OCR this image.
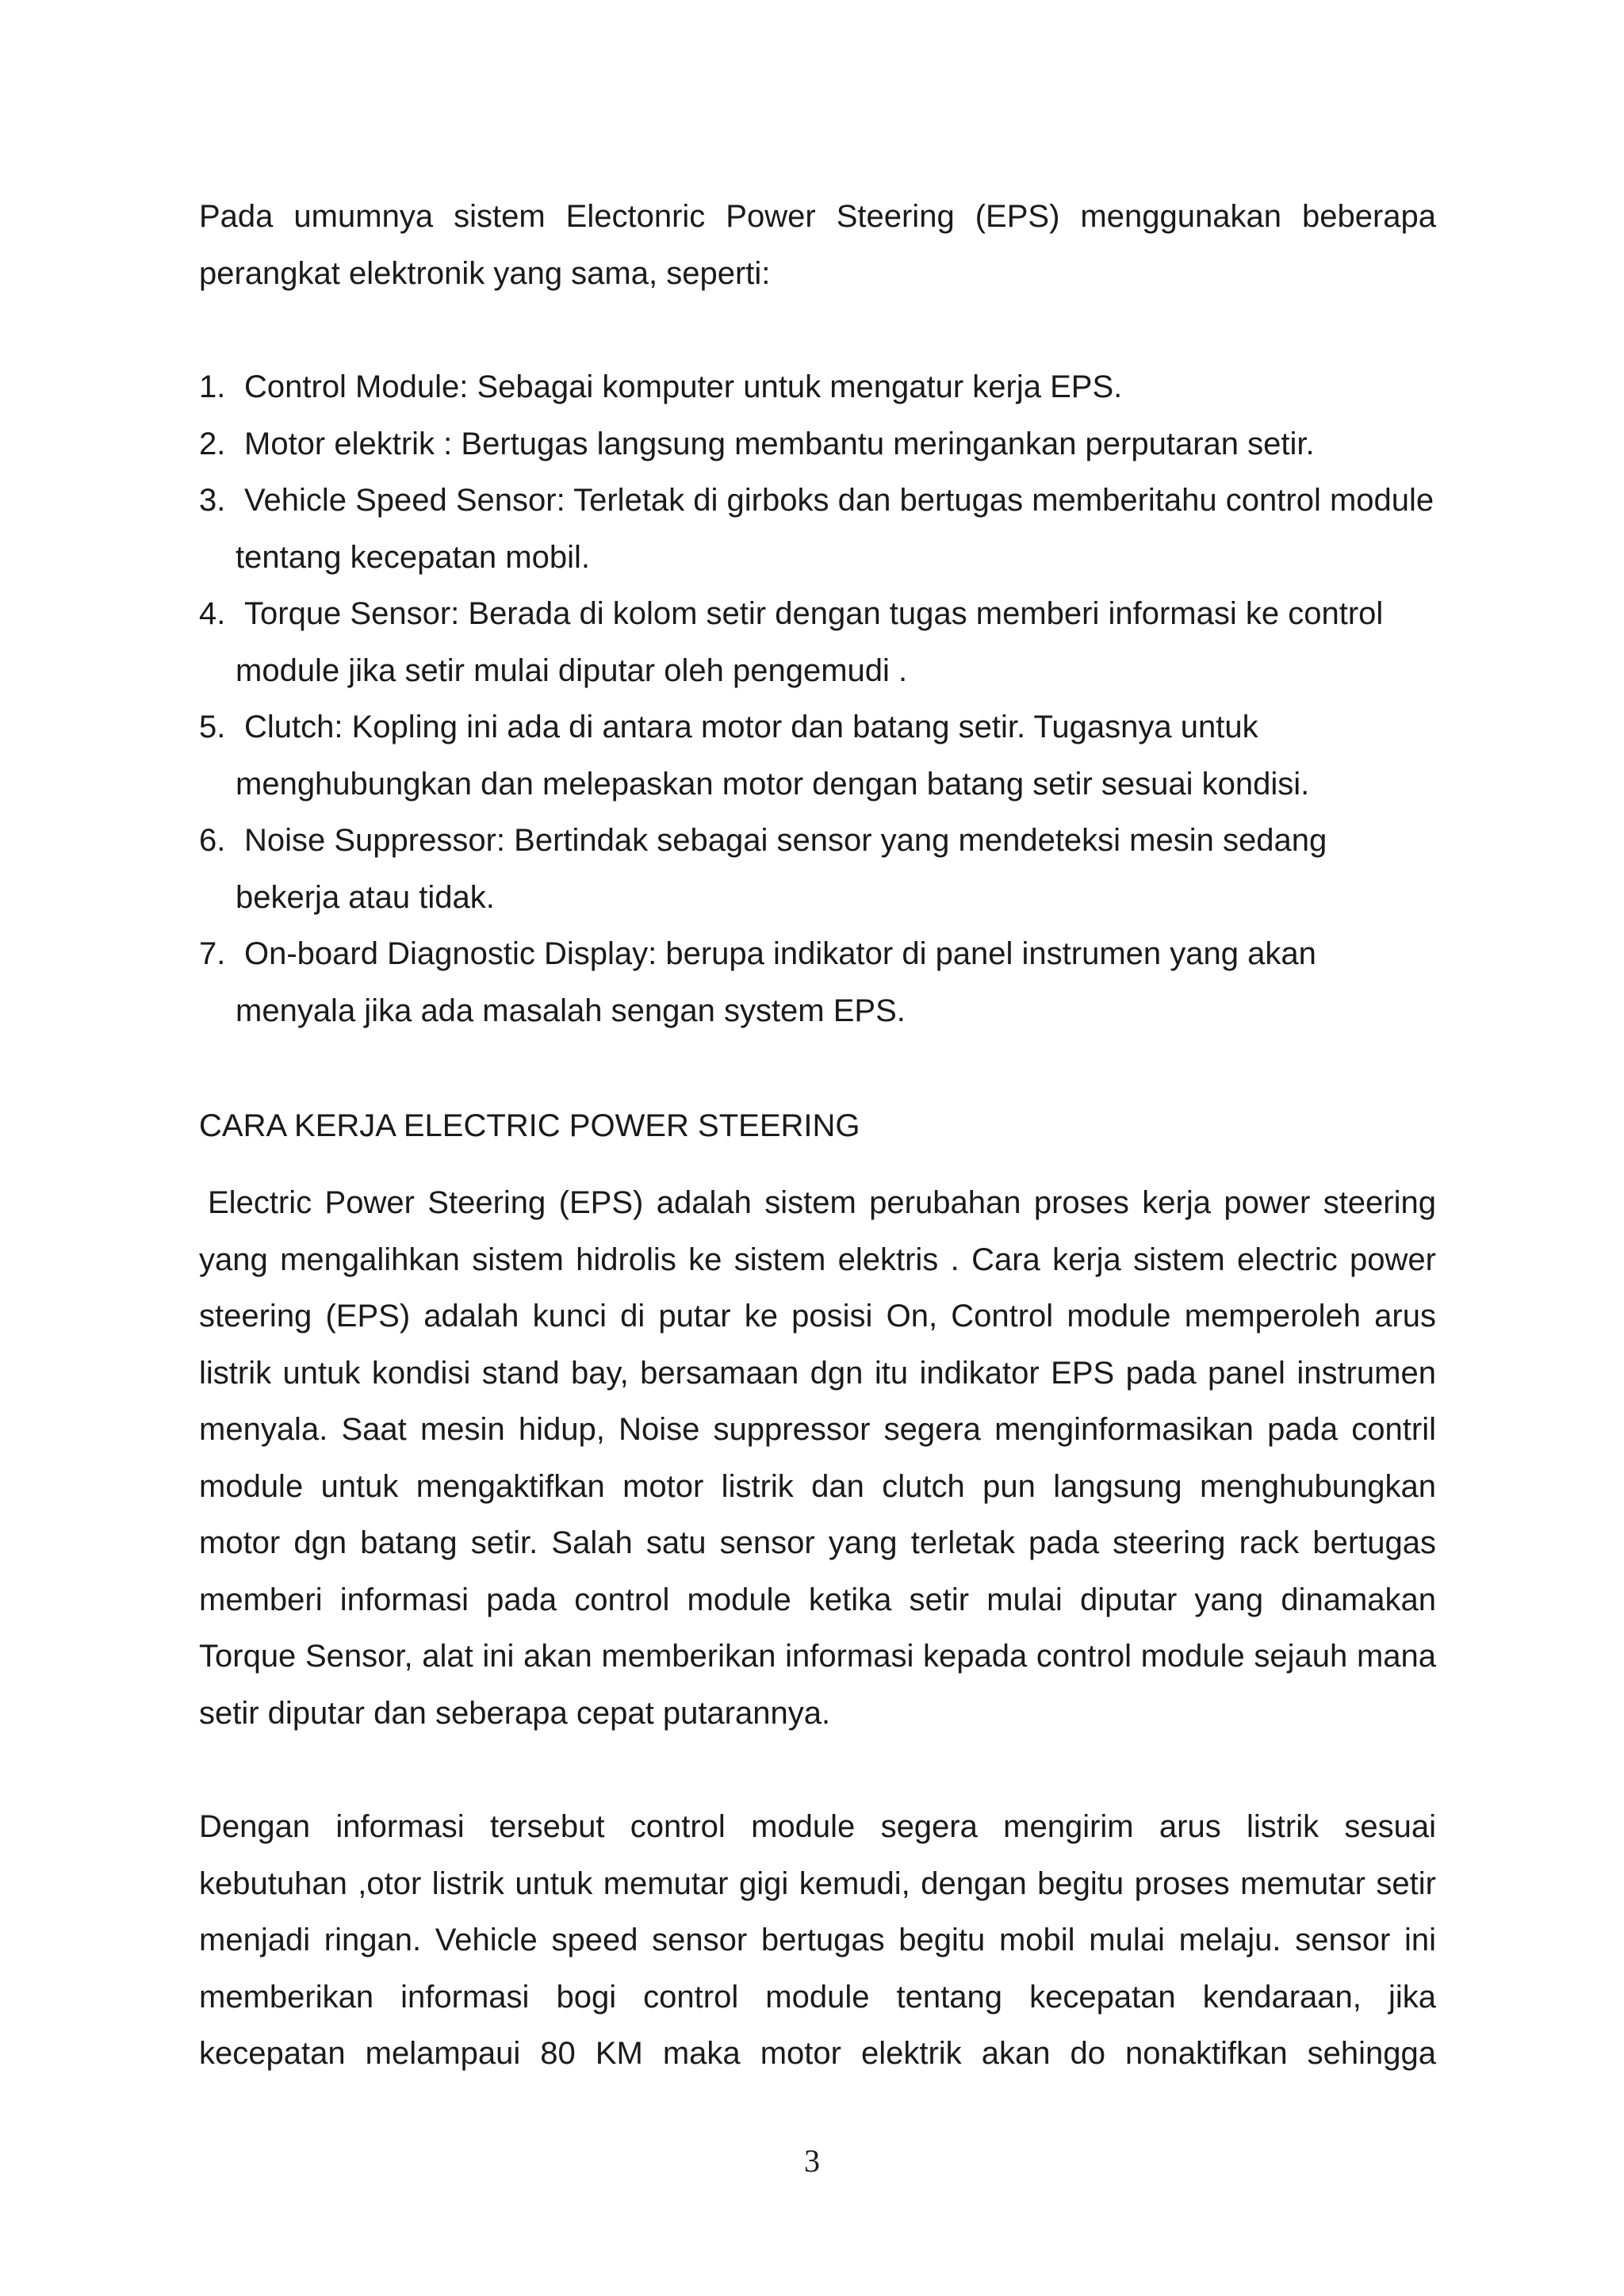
Pada umumnya sistem Electonric Power Steering (EPS) menggunakan beberapa perangkat elektronik yang sama, seperti:

1. Control Module: Sebagai komputer untuk mengatur kerja EPS.
2. Motor elektrik : Bertugas langsung membantu meringankan perputaran setir.
3. Vehicle Speed Sensor: Terletak di girboks dan bertugas memberitahu control module tentang kecepatan mobil.
4. Torque Sensor: Berada di kolom setir dengan tugas memberi informasi ke control module jika setir mulai diputar oleh pengemudi .
5. Clutch: Kopling ini ada di antara motor dan batang setir. Tugasnya untuk menghubungkan dan melepaskan motor dengan batang setir sesuai kondisi.
6. Noise Suppressor: Bertindak sebagai sensor yang mendeteksi mesin sedang bekerja atau tidak.
7. On-board Diagnostic Display: berupa indikator di panel instrumen yang akan menyala jika ada masalah sengan system EPS.
CARA KERJA ELECTRIC POWER STEERING

Electric Power Steering (EPS) adalah sistem perubahan proses kerja power steering yang mengalihkan sistem hidrolis ke sistem elektris . Cara kerja sistem electric power steering (EPS) adalah kunci di putar ke posisi On, Control module memperoleh arus listrik untuk kondisi stand bay, bersamaan dgn itu indikator EPS pada panel instrumen menyala. Saat mesin hidup, Noise suppressor segera menginformasikan pada contril module untuk mengaktifkan motor listrik dan clutch pun langsung menghubungkan motor dgn batang setir. Salah satu sensor yang terletak pada steering rack bertugas memberi informasi pada control module ketika setir mulai diputar yang dinamakan Torque Sensor, alat ini akan memberikan informasi kepada control module sejauh mana setir diputar dan seberapa cepat putarannya.

Dengan informasi tersebut control module segera mengirim arus listrik sesuai kebutuhan ,otor listrik untuk memutar gigi kemudi, dengan begitu proses memutar setir menjadi ringan. Vehicle speed sensor bertugas begitu mobil mulai melaju. sensor ini memberikan informasi bogi control module tentang kecepatan kendaraan, jika kecepatan melampaui 80 KM maka motor elektrik akan do nonaktifkan sehingga

3
